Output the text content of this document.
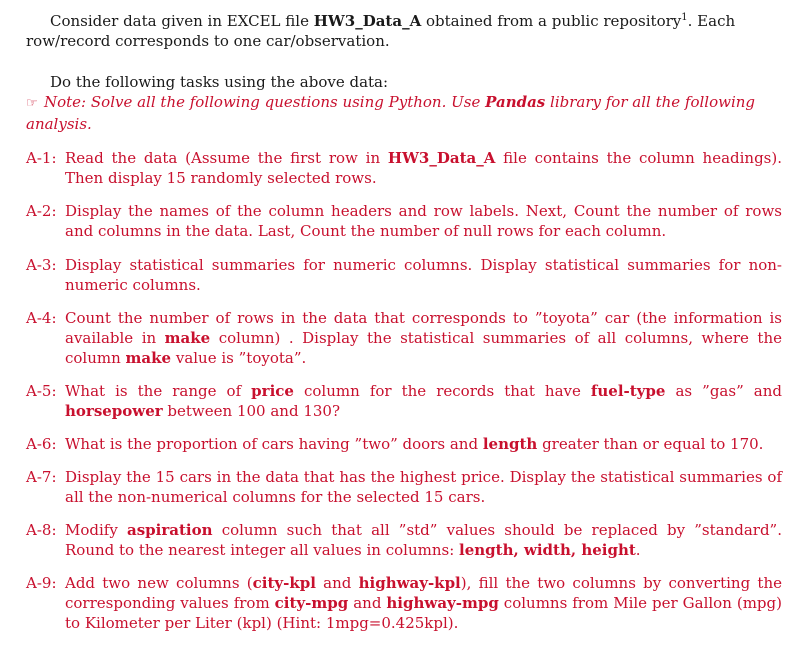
Consider data given in EXCEL file HW3_Data_A obtained from a public repository$^1$. Each row/record corresponds to one car/observation.
Do the following tasks using the above data:
☞ Note: Solve all the following questions using Python. Use Pandas library for all the following analysis.
A-1: Read the data (Assume the first row in HW3_Data_A file contains the column headings). Then display 15 randomly selected rows.
A-2: Display the names of the column headers and row labels. Next, Count the number of rows and columns in the data. Last, Count the number of null rows for each column.
A-3: Display statistical summaries for numeric columns. Display statistical summaries for non-numeric columns.
A-4: Count the number of rows in the data that corresponds to ”toyota” car (the information is available in make column) . Display the statistical summaries of all columns, where the column make value is ”toyota”.
A-5: What is the range of price column for the records that have fuel-type as ”gas” and horsepower between 100 and 130?
A-6: What is the proportion of cars having ”two” doors and length greater than or equal to 170.
A-7: Display the 15 cars in the data that has the highest price. Display the statistical summaries of all the non-numerical columns for the selected 15 cars.
A-8: Modify aspiration column such that all ”std” values should be replaced by ”standard”. Round to the nearest integer all values in columns: length, width, height.
A-9: Add two new columns (city-kpl and highway-kpl), fill the two columns by converting the corresponding values from city-mpg and highway-mpg columns from Mile per Gallon (mpg) to Kilometer per Liter (kpl) (Hint: 1mpg=0.425kpl).
